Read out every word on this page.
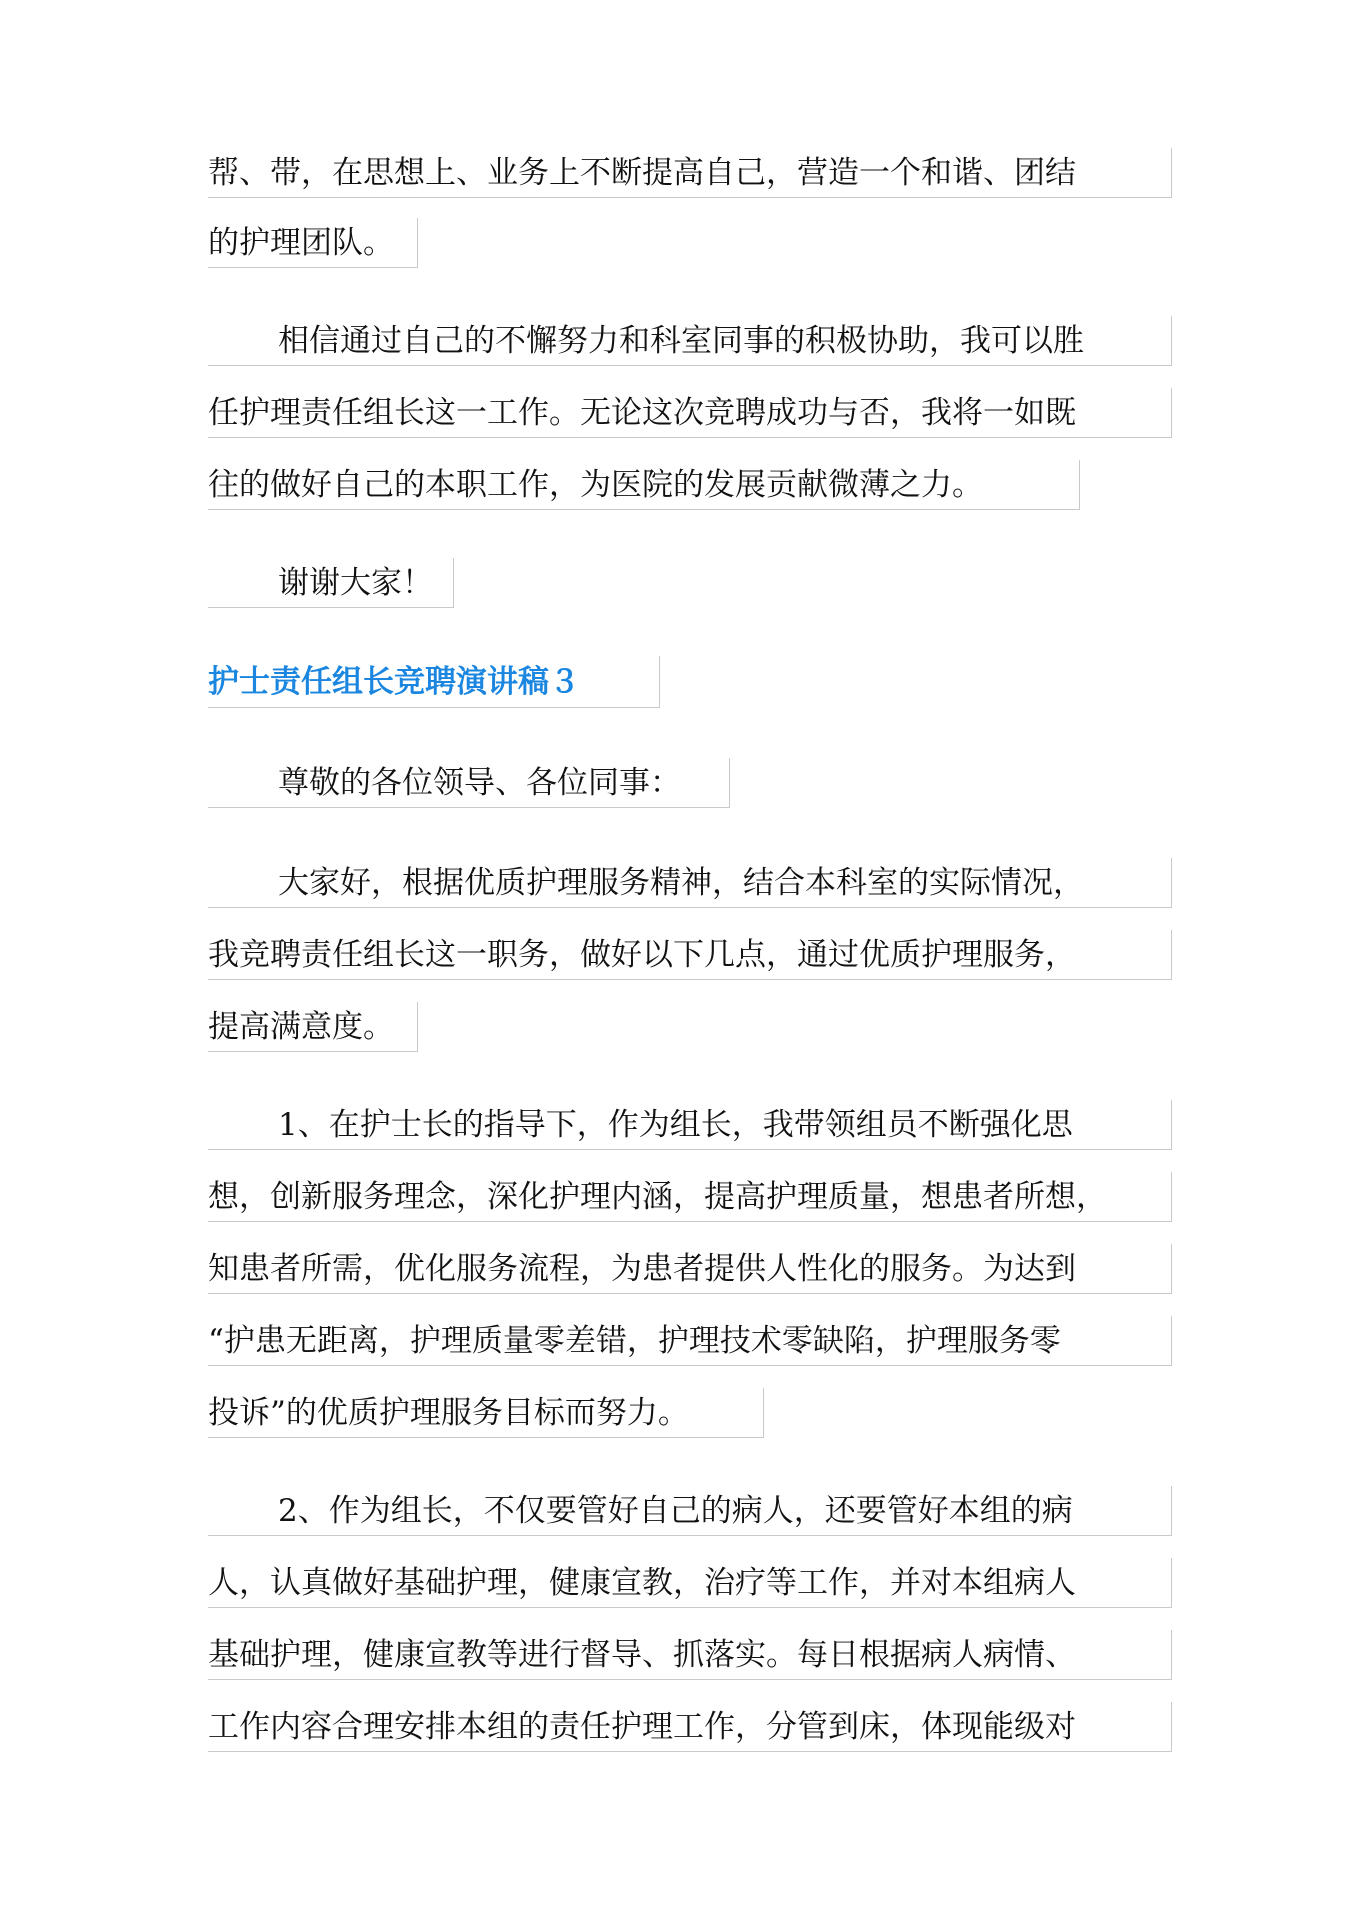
帮、带，在思想上、业务上不断提高自己，营造一个和谐、团结
的护理团队。
相信通过自己的不懈努力和科室同事的积极协助，我可以胜
任护理责任组长这一工作。无论这次竞聘成功与否，我将一如既
往的做好自己的本职工作，为医院的发展贡献微薄之力。
谢谢大家！
护士责任组长竞聘演讲稿３
尊敬的各位领导、各位同事：
大家好，根据优质护理服务精神，结合本科室的实际情况，
我竞聘责任组长这一职务，做好以下几点，通过优质护理服务，
提高满意度。
1、在护士长的指导下，作为组长，我带领组员不断强化思
想，创新服务理念，深化护理内涵，提高护理质量，想患者所想，
知患者所需，优化服务流程，为患者提供人性化的服务。为达到
“护患无距离，护理质量零差错，护理技术零缺陷，护理服务零
投诉”的优质护理服务目标而努力。
2、作为组长，不仅要管好自己的病人，还要管好本组的病
人，认真做好基础护理，健康宣教，治疗等工作，并对本组病人
基础护理，健康宣教等进行督导、抓落实。每日根据病人病情、
工作内容合理安排本组的责任护理工作，分管到床，体现能级对
